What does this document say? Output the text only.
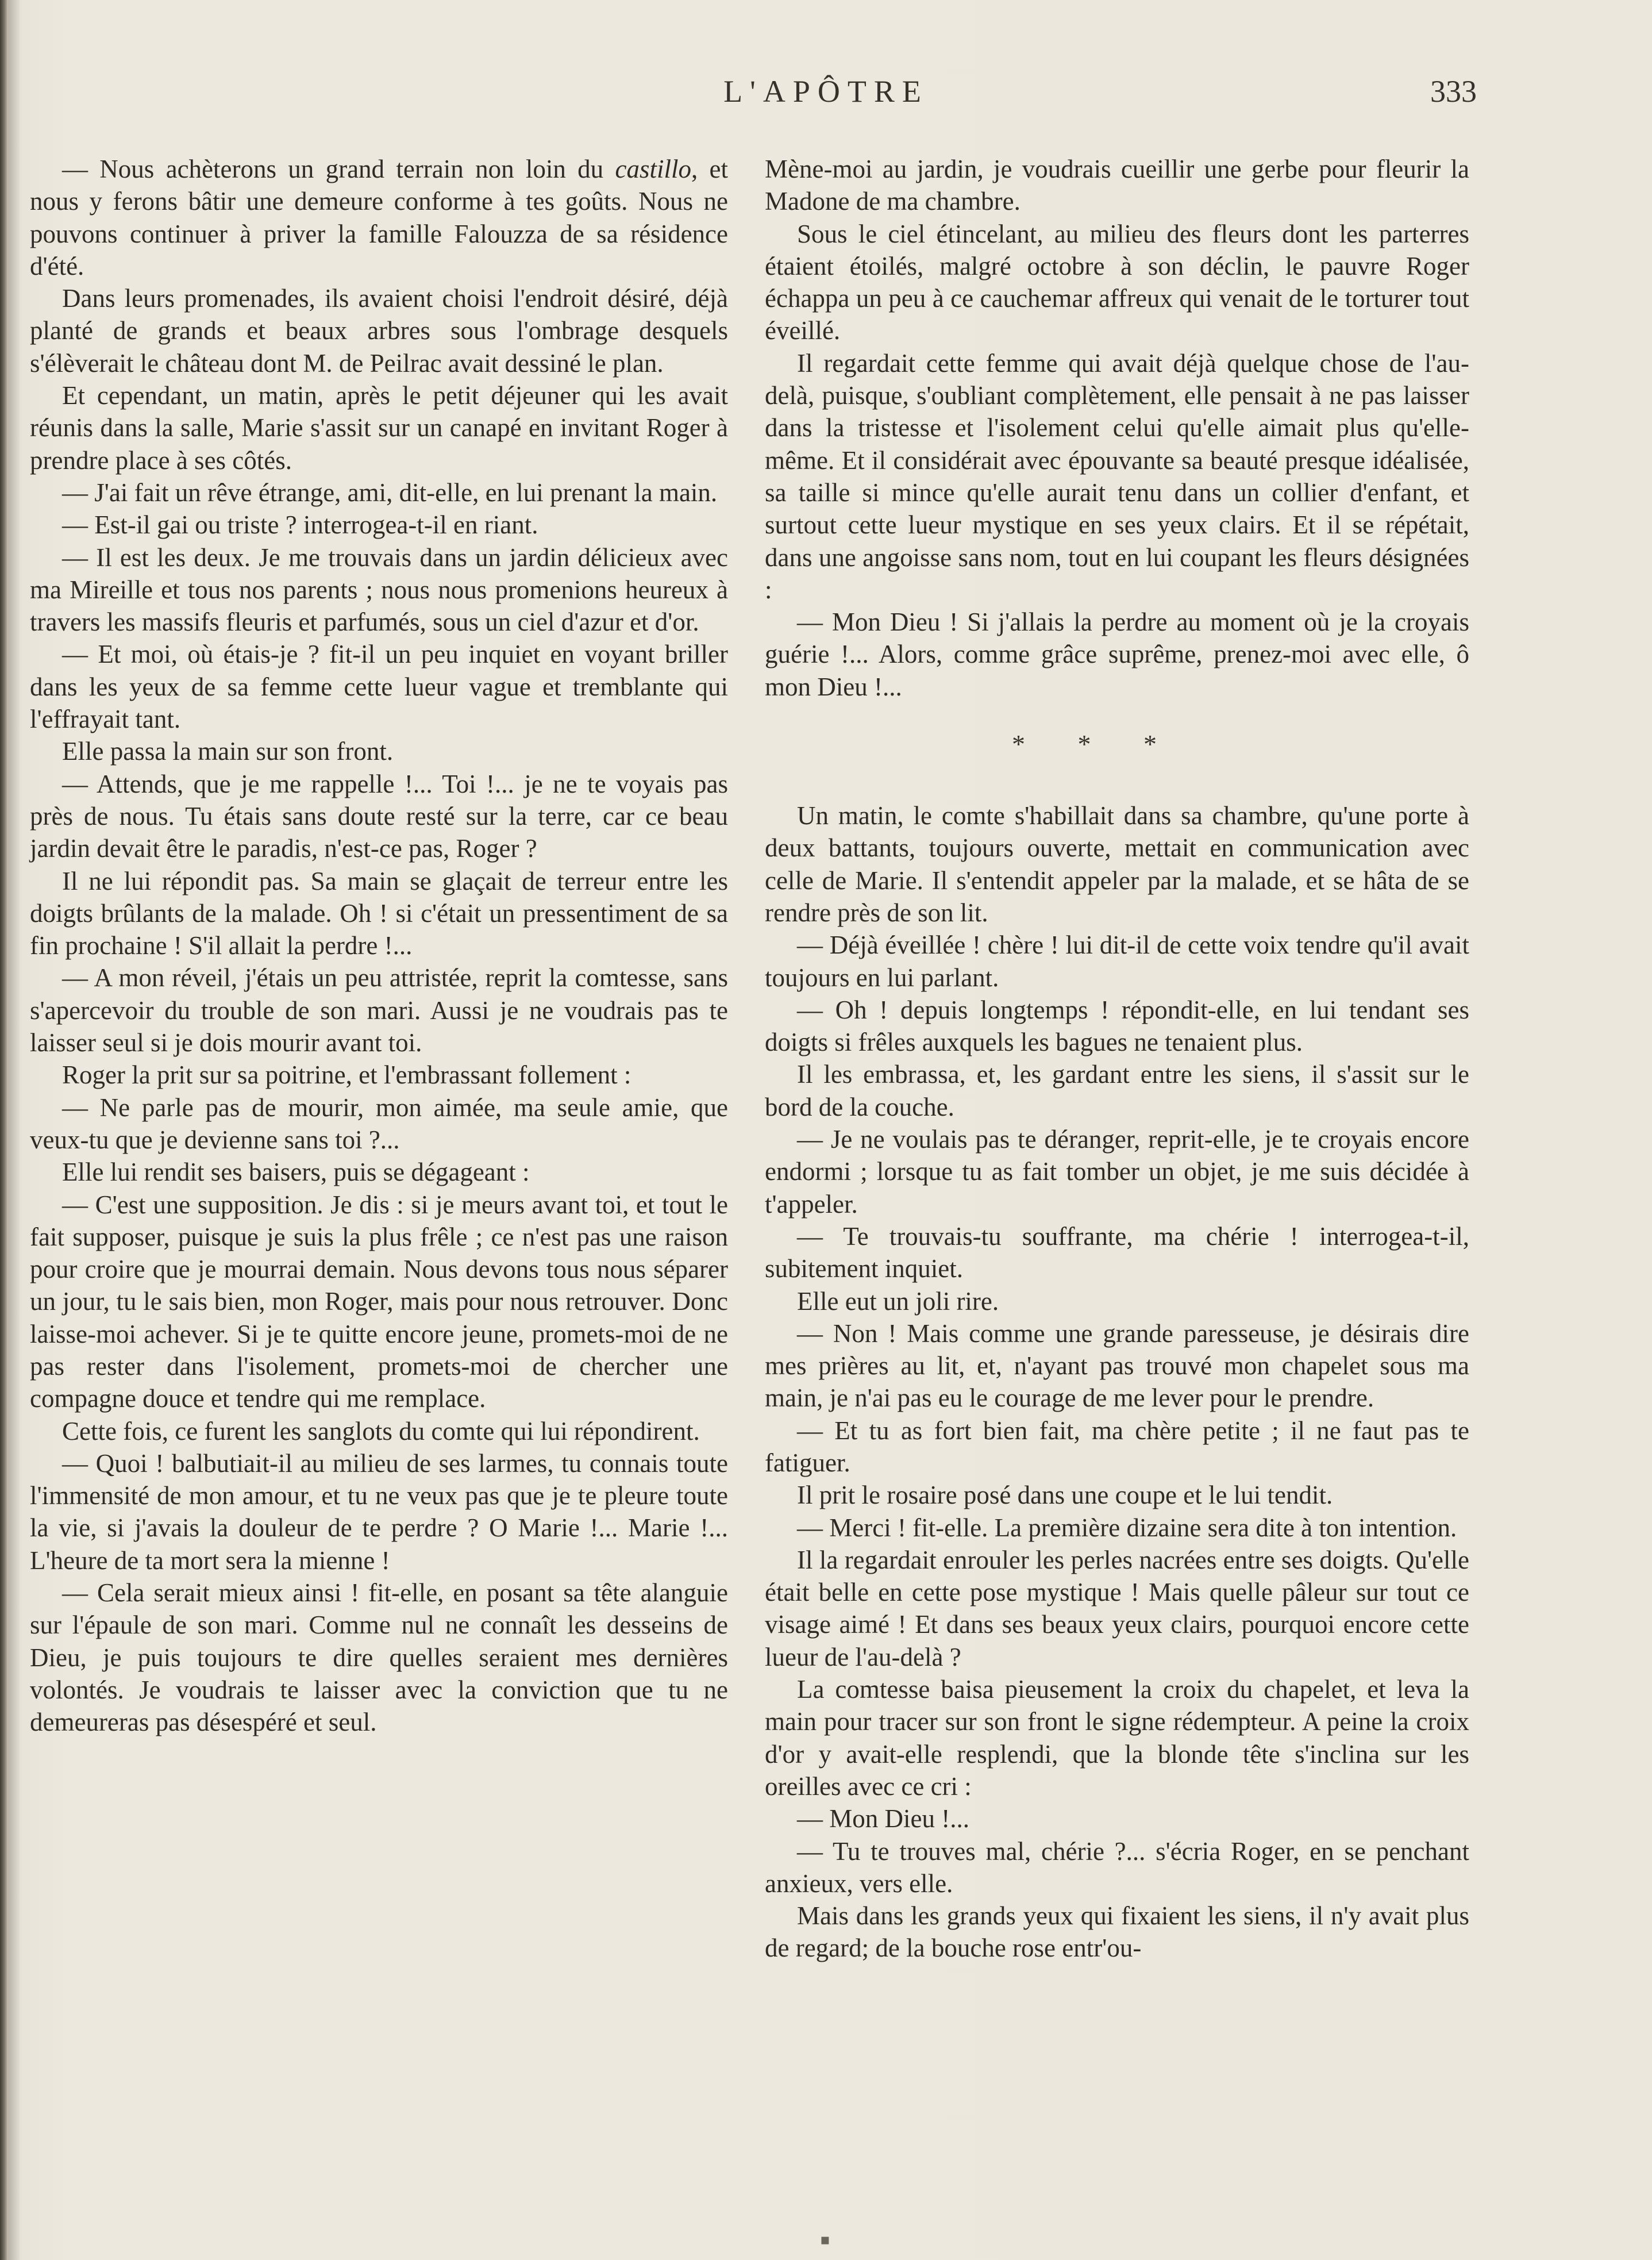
L'APÔTRE	333

— Nous achèterons un grand terrain non loin du castillo, et nous y ferons bâtir une demeure conforme à tes goûts. Nous ne pouvons continuer à priver la famille Falouzza de sa résidence d'été.

Dans leurs promenades, ils avaient choisi l'endroit désiré, déjà planté de grands et beaux arbres sous l'ombrage desquels s'élèverait le château dont M. de Peilrac avait dessiné le plan.

Et cependant, un matin, après le petit déjeuner qui les avait réunis dans la salle, Marie s'assit sur un canapé en invitant Roger à prendre place à ses côtés.

— J'ai fait un rêve étrange, ami, dit-elle, en lui prenant la main.

— Est-il gai ou triste ? interrogea-t-il en riant.

— Il est les deux. Je me trouvais dans un jardin délicieux avec ma Mireille et tous nos parents ; nous nous promenions heureux à travers les massifs fleuris et parfumés, sous un ciel d'azur et d'or.

— Et moi, où étais-je ? fit-il un peu inquiet en voyant briller dans les yeux de sa femme cette lueur vague et tremblante qui l'effrayait tant.

Elle passa la main sur son front.

— Attends, que je me rappelle !... Toi !... je ne te voyais pas près de nous. Tu étais sans doute resté sur la terre, car ce beau jardin devait être le paradis, n'est-ce pas, Roger ?

Il ne lui répondit pas. Sa main se glaçait de terreur entre les doigts brûlants de la malade. Oh ! si c'était un pressentiment de sa fin prochaine ! S'il allait la perdre !...

— A mon réveil, j'étais un peu attristée, reprit la comtesse, sans s'apercevoir du trouble de son mari. Aussi je ne voudrais pas te laisser seul si je dois mourir avant toi.

Roger la prit sur sa poitrine, et l'embrassant follement :

— Ne parle pas de mourir, mon aimée, ma seule amie, que veux-tu que je devienne sans toi ?...

Elle lui rendit ses baisers, puis se dégageant :

— C'est une supposition. Je dis : si je meurs avant toi, et tout le fait supposer, puisque je suis la plus frêle ; ce n'est pas une raison pour croire que je mourrai demain. Nous devons tous nous séparer un jour, tu le sais bien, mon Roger, mais pour nous retrouver. Donc laisse-moi achever. Si je te quitte encore jeune, promets-moi de ne pas rester dans l'isolement, promets-moi de chercher une compagne douce et tendre qui me remplace.

Cette fois, ce furent les sanglots du comte qui lui répondirent.

— Quoi ! balbutiait-il au milieu de ses larmes, tu connais toute l'immensité de mon amour, et tu ne veux pas que je te pleure toute la vie, si j'avais la douleur de te perdre ? O Marie !... Marie !... L'heure de ta mort sera la mienne !

— Cela serait mieux ainsi ! fit-elle, en posant sa tête alanguie sur l'épaule de son mari. Comme nul ne connaît les desseins de Dieu, je puis toujours te dire quelles seraient mes dernières volontés. Je voudrais te laisser avec la conviction que tu ne demeureras pas désespéré et seul.

Mène-moi au jardin, je voudrais cueillir une gerbe pour fleurir la Madone de ma chambre.

Sous le ciel étincelant, au milieu des fleurs dont les parterres étaient étoilés, malgré octobre à son déclin, le pauvre Roger échappa un peu à ce cauchemar affreux qui venait de le torturer tout éveillé.

Il regardait cette femme qui avait déjà quelque chose de l'au-delà, puisque, s'oubliant complètement, elle pensait à ne pas laisser dans la tristesse et l'isolement celui qu'elle aimait plus qu'elle-même. Et il considérait avec épouvante sa beauté presque idéalisée, sa taille si mince qu'elle aurait tenu dans un collier d'enfant, et surtout cette lueur mystique en ses yeux clairs. Et il se répétait, dans une angoisse sans nom, tout en lui coupant les fleurs désignées :

— Mon Dieu ! Si j'allais la perdre au moment où je la croyais guérie !... Alors, comme grâce suprême, prenez-moi avec elle, ô mon Dieu !...

* * *

Un matin, le comte s'habillait dans sa chambre, qu'une porte à deux battants, toujours ouverte, mettait en communication avec celle de Marie. Il s'entendit appeler par la malade, et se hâta de se rendre près de son lit.

— Déjà éveillée ! chère ! lui dit-il de cette voix tendre qu'il avait toujours en lui parlant.

— Oh ! depuis longtemps ! répondit-elle, en lui tendant ses doigts si frêles auxquels les bagues ne tenaient plus.

Il les embrassa, et, les gardant entre les siens, il s'assit sur le bord de la couche.

— Je ne voulais pas te déranger, reprit-elle, je te croyais encore endormi ; lorsque tu as fait tomber un objet, je me suis décidée à t'appeler.

— Te trouvais-tu souffrante, ma chérie ! interrogea-t-il, subitement inquiet.

Elle eut un joli rire.

— Non ! Mais comme une grande paresseuse, je désirais dire mes prières au lit, et, n'ayant pas trouvé mon chapelet sous ma main, je n'ai pas eu le courage de me lever pour le prendre.

— Et tu as fort bien fait, ma chère petite ; il ne faut pas te fatiguer.

Il prit le rosaire posé dans une coupe et le lui tendit.

— Merci ! fit-elle. La première dizaine sera dite à ton intention.

Il la regardait enrouler les perles nacrées entre ses doigts. Qu'elle était belle en cette pose mystique ! Mais quelle pâleur sur tout ce visage aimé ! Et dans ses beaux yeux clairs, pourquoi encore cette lueur de l'au-delà ?

La comtesse baisa pieusement la croix du chapelet, et leva la main pour tracer sur son front le signe rédempteur. A peine la croix d'or y avait-elle resplendi, que la blonde tête s'inclina sur les oreilles avec ce cri :

— Mon Dieu !...

— Tu te trouves mal, chérie ?... s'écria Roger, en se penchant anxieux, vers elle.

Mais dans les grands yeux qui fixaient les siens, il n'y avait plus de regard; de la bouche rose entr'ou-

▪
